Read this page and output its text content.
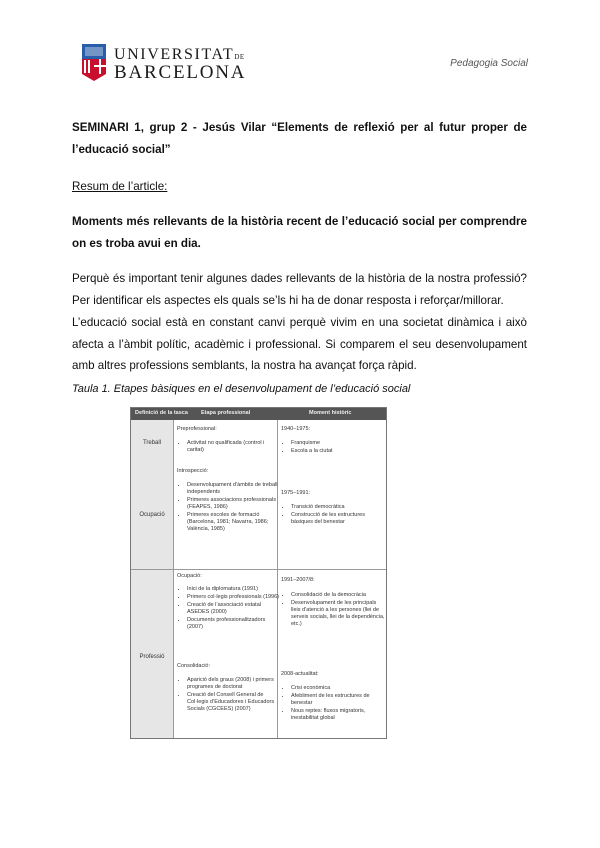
UNIVERSITATDE
BARCELONA	Pedagogia Social
SEMINARI 1, grup 2 - Jesús Vilar “Elements de reflexió per al futur proper de l’educació social”
Resum de l’article:
Moments més rellevants de la història recent de l’educació social per comprendre on es troba avui en dia.
Perquè és important tenir algunes dades rellevants de la història de la nostra professió? Per identificar els aspectes els quals se’ls hi ha de donar resposta i reforçar/millorar.
L’educació social està en constant canvi perquè vivim en una societat dinàmica i això afecta a l’àmbit polític, acadèmic i professional. Si comparem el seu desenvolupament amb altres professions semblants, la nostra ha avançat força ràpid.
Taula 1. Etapes bàsiques en el desenvolupament de l’educació social
Definició de la tasca Etapa professional	Moment històric
Treball
Ocupació
Professió
Preprofessional:
• Activitat no qualificada (control i caritat)
1940–1975:
• Franquisme
• Escola a la ciutat
Introspecció:
• Desenvolupament d’àmbits de treball independents
• Primeres associacions professionals (FEAPES, 1986)
• Primeres escoles de formació (Barcelona, 1981; Navarra, 1986; València, 1985)
1975–1991:
• Transició democràtica
• Construcció de les estructures bàsiques del benestar
Ocupació:
• Inici de la diplomatura (1991)
• Primers col·legis professionals (1996)
• Creació de l’associació estatal ASEDES (2000)
• Documents professionalitzadors (2007)
1991–2007/8:
• Consolidació de la democràcia
• Desenvolupament de les principals lleis d’atenció a les persones (llei de serveis socials, llei de la dependència, etc.)
Consolidació:
• Aparició dels graus (2008) i primers programes de doctorat
• Creació del Consell General de Col·legis d’Educadores i Educadors Socials (CGCEES) (2007)
2008-actualitat:
• Crisi econòmica
• Afebliment de les estructures de benestar
• Nous reptes: fluxos migratoris, inestabilitat global
